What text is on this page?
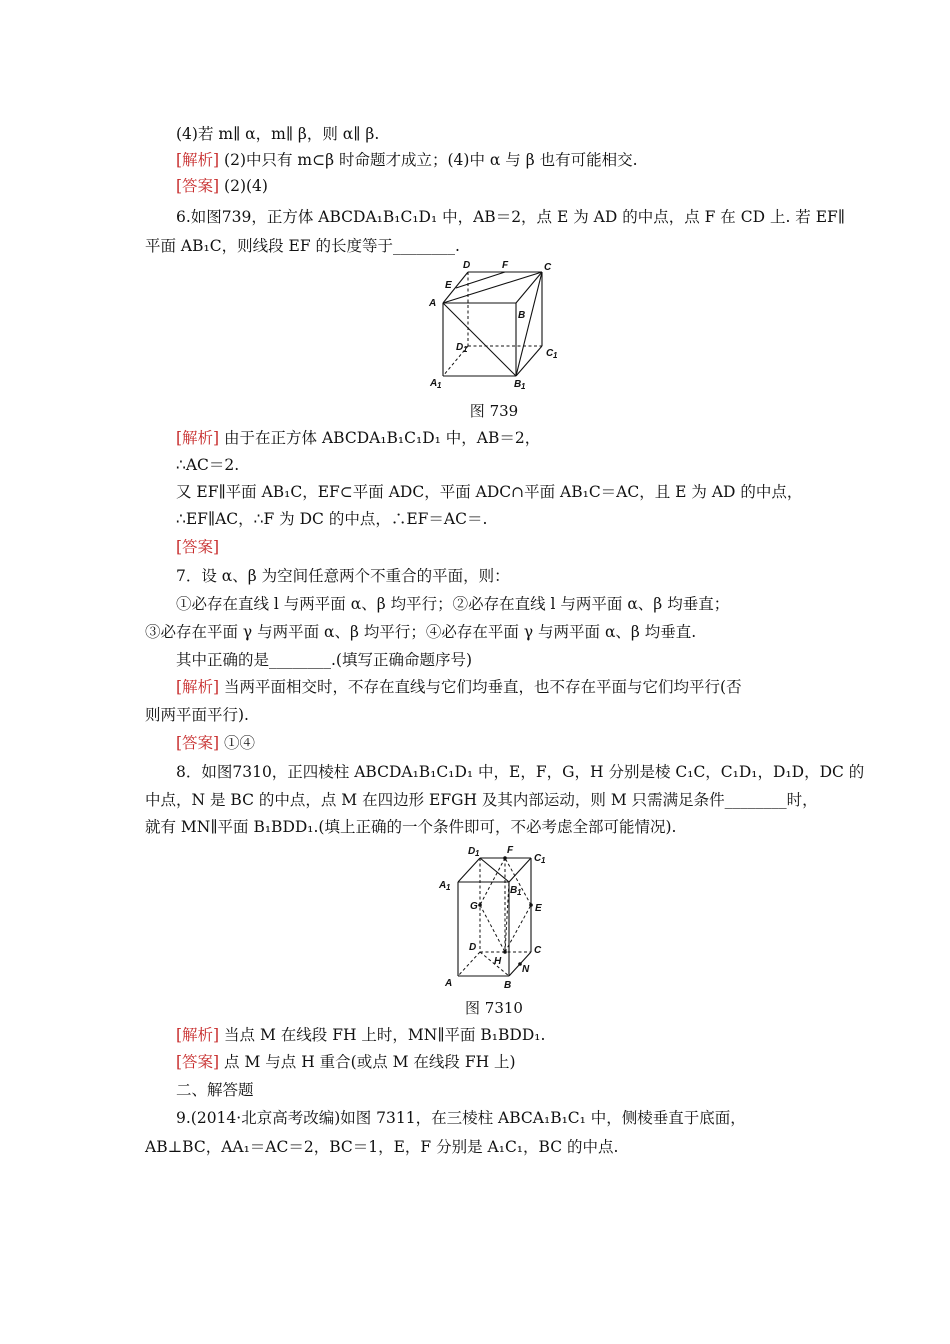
(4)若 m∥ α，m∥ β，则 α∥ β.
[解析] (2)中只有 m⊂β 时命题才成立；(4)中 α 与 β 也有可能相交.
[答案] (2)(4)
6.如图739，正方体 ABCDA₁B₁C₁D₁ 中，AB＝2，点 E 为 AD 的中点，点 F 在 CD 上. 若 EF∥
平面 AB₁C，则线段 EF 的长度等于________.
D	F	C
E
A
B
D 1	C 1
A 1	B 1
图 739
[解析] 由于在正方体 ABCDA₁B₁C₁D₁ 中，AB＝2，
∴AC＝2.
又 EF∥平面 AB₁C，EF⊂平面 ADC，平面 ADC∩平面 AB₁C＝AC，且 E 为 AD 的中点，
∴EF∥AC，∴F 为 DC 的中点，∴EF＝AC＝.
[答案]
7．设 α、β 为空间任意两个不重合的平面，则：
①必存在直线 l 与两平面 α、β 均平行；②必存在直线 l 与两平面 α、β 均垂直；
③必存在平面 γ 与两平面 α、β 均平行；④必存在平面 γ 与两平面 α、β 均垂直.
其中正确的是________.(填写正确命题序号)
[解析] 当两平面相交时，不存在直线与它们均垂直，也不存在平面与它们均平行(否
则两平面平行).
[答案] ①④
8．如图7310，正四棱柱 ABCDA₁B₁C₁D₁ 中，E，F，G，H 分别是棱 C₁C，C₁D₁，D₁D，DC 的
中点，N 是 BC 的中点，点 M 在四边形 EFGH 及其内部运动，则 M 只需满足条件________时，
就有 MN∥平面 B₁BDD₁.(填上正确的一个条件即可，不必考虑全部可能情况).
D 1	F
C 1
A 1	B 1
G	E
D	C
H
N
B
A
图 7310
[解析] 当点 M 在线段 FH 上时，MN∥平面 B₁BDD₁.
[答案] 点 M 与点 H 重合(或点 M 在线段 FH 上)
二、解答题
9.(2014·北京高考改编)如图 7311，在三棱柱 ABCA₁B₁C₁ 中，侧棱垂直于底面，
AB⊥BC，AA₁＝AC＝2，BC＝1，E，F 分别是 A₁C₁，BC 的中点.
